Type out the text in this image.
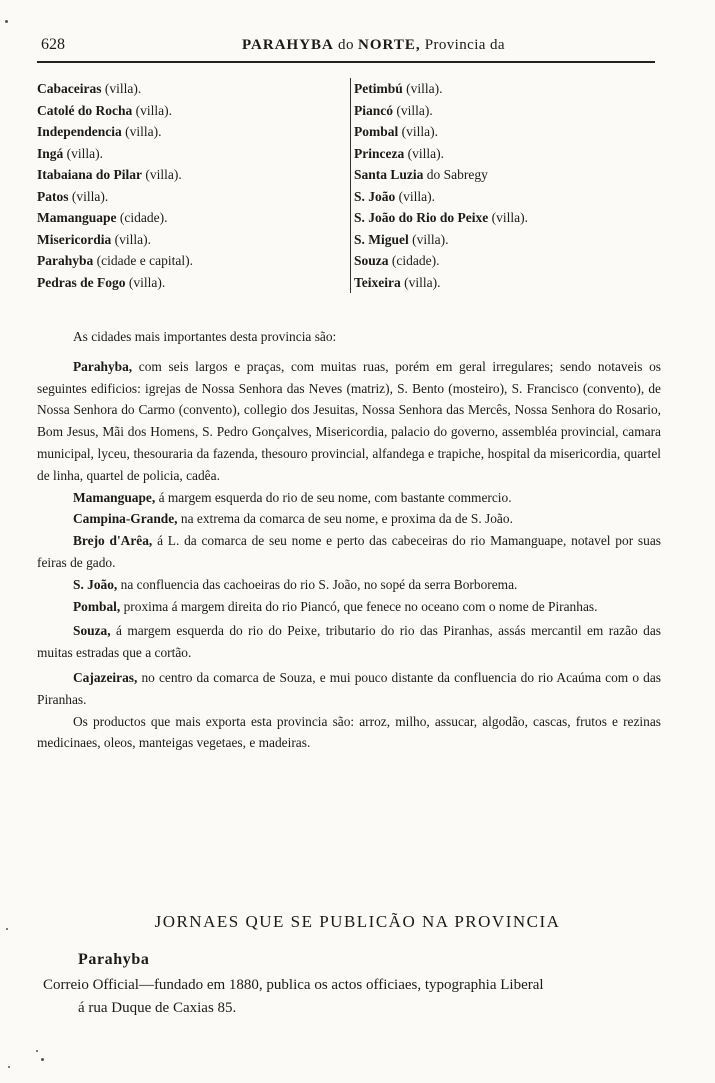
628	PARAHYBA do NORTE, Provincia da
Cabaceiras (villa).
Catolé do Rocha (villa).
Independencia (villa).
Ingá (villa).
Itabaiana do Pilar (villa).
Patos (villa).
Mamanguape (cidade).
Misericordia (villa).
Parahyba (cidade e capital).
Pedras de Fogo (villa).
Petimbú (villa).
Piancó (villa).
Pombal (villa).
Princeza (villa).
Santa Luzia do Sabregy
S. João (villa).
S. João do Rio do Peixe (villa).
S. Miguel (villa).
Souza (cidade).
Teixeira (villa).

As cidades mais importantes desta provincia são:

Parahyba, com seis largos e praças, com muitas ruas, porém em geral irregulares; sendo notaveis os seguintes edificios: igrejas de Nossa Senhora das Neves (matriz), S. Bento (mosteiro), S. Francisco (convento), de Nossa Senhora do Carmo (convento), collegio dos Jesuitas, Nossa Senhora das Mercês, Nossa Senhora do Rosario, Bom Jesus, Mãi dos Homens, S. Pedro Gonçalves, Misericordia, palacio do governo, assembléa provincial, camara municipal, lyceu, thesouraria da fazenda, thesouro provincial, alfandega e trapiche, hospital da misericordia, quartel de linha, quartel de policia, cadêa.

Mamanguape, á margem esquerda do rio de seu nome, com bastante commercio.

Campina-Grande, na extrema da comarca de seu nome, e proxima da de S. João.

Brejo d'Arêa, á L. da comarca de seu nome e perto das cabeceiras do rio Mamanguape, notavel por suas feiras de gado.

S. João, na confluencia das cachoeiras do rio S. João, no sopé da serra Borborema.

Pombal, proxima á margem direita do rio Piancó, que fenece no oceano com o nome de Piranhas.

Souza, á margem esquerda do rio do Peixe, tributario do rio das Piranhas, assás mercantil em razão das muitas estradas que a cortão.

Cajazeiras, no centro da comarca de Souza, e mui pouco distante da confluencia do rio Acaúma com o das Piranhas.

Os productos que mais exporta esta provincia são: arroz, milho, assucar, algodão, cascas, frutos e rezinas medicinaes, oleos, manteigas vegetaes, e madeiras.

JORNAES QUE SE PUBLICÃO NA PROVINCIA
Parahyba
Correio Official—fundado em 1880, publica os actos officiaes, typographia Liberal
á rua Duque de Caxias 85.
